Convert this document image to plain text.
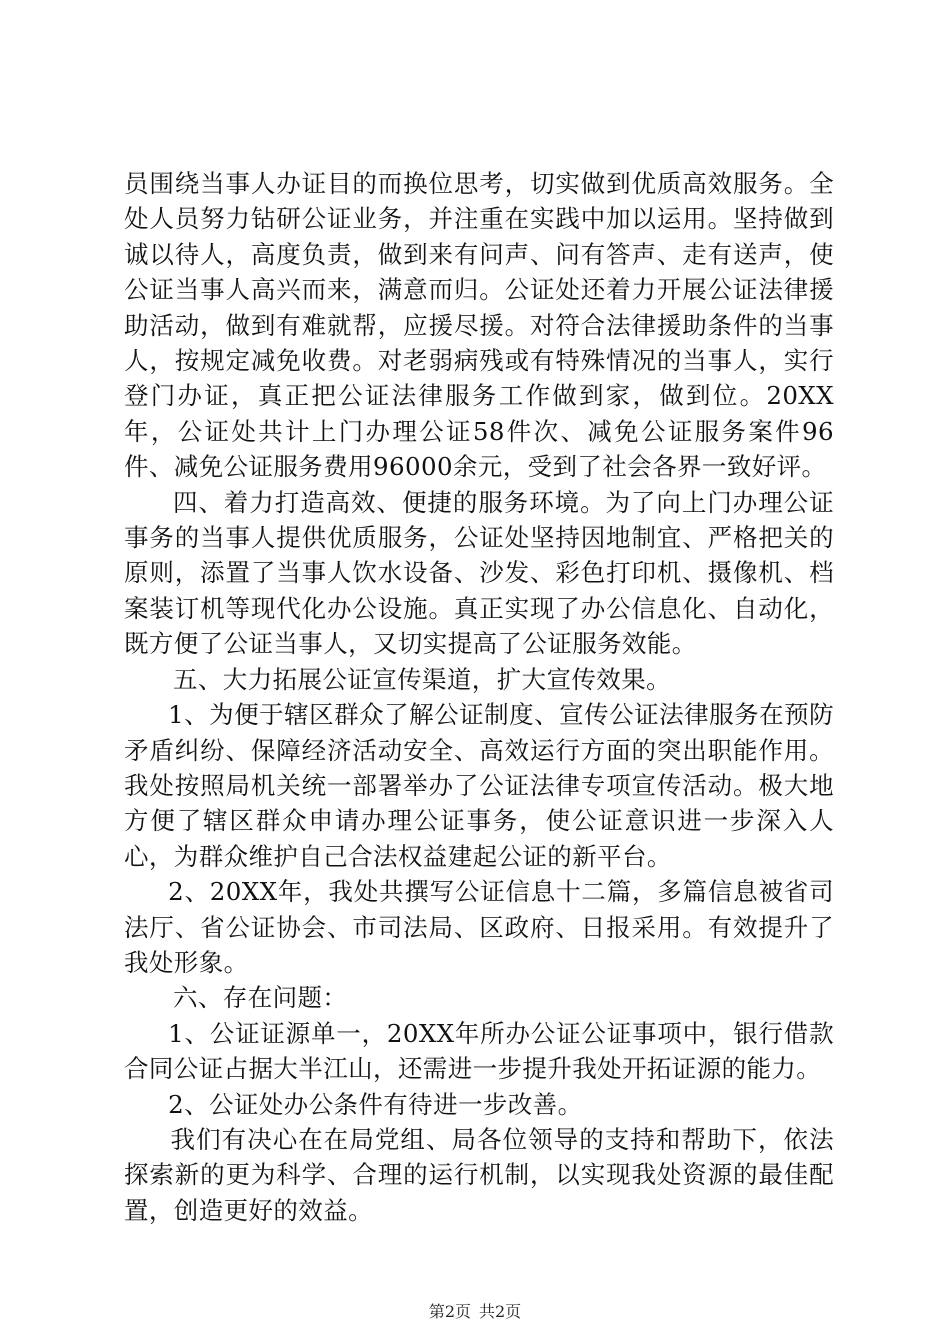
员围绕当事人办证目的而换位思考，切实做到优质高效服务。全处人员努力钻研公证业务，并注重在实践中加以运用。坚持做到诚以待人，高度负责，做到来有问声、问有答声、走有送声，使公证当事人高兴而来，满意而归。公证处还着力开展公证法律援助活动，做到有难就帮，应援尽援。对符合法律援助条件的当事人，按规定减免收费。对老弱病残或有特殊情况的当事人，实行登门办证，真正把公证法律服务工作做到家，做到位。20XX年，公证处共计上门办理公证58件次、减免公证服务案件96件、减免公证服务费用96000余元，受到了社会各界一致好评。

四、着力打造高效、便捷的服务环境。为了向上门办理公证事务的当事人提供优质服务，公证处坚持因地制宜、严格把关的原则，添置了当事人饮水设备、沙发、彩色打印机、摄像机、档案装订机等现代化办公设施。真正实现了办公信息化、自动化，既方便了公证当事人，又切实提高了公证服务效能。

五、大力拓展公证宣传渠道，扩大宣传效果。

1、为便于辖区群众了解公证制度、宣传公证法律服务在预防矛盾纠纷、保障经济活动安全、高效运行方面的突出职能作用。我处按照局机关统一部署举办了公证法律专项宣传活动。极大地方便了辖区群众申请办理公证事务，使公证意识进一步深入人心，为群众维护自己合法权益建起公证的新平台。

2、20XX年，我处共撰写公证信息十二篇，多篇信息被省司法厅、省公证协会、市司法局、区政府、日报采用。有效提升了我处形象。

六、存在问题：

1、公证证源单一，20XX年所办公证公证事项中，银行借款合同公证占据大半江山，还需进一步提升我处开拓证源的能力。

2、公证处办公条件有待进一步改善。

我们有决心在在局党组、局各位领导的支持和帮助下，依法探索新的更为科学、合理的运行机制，以实现我处资源的最佳配置，创造更好的效益。

第2页 共2页
